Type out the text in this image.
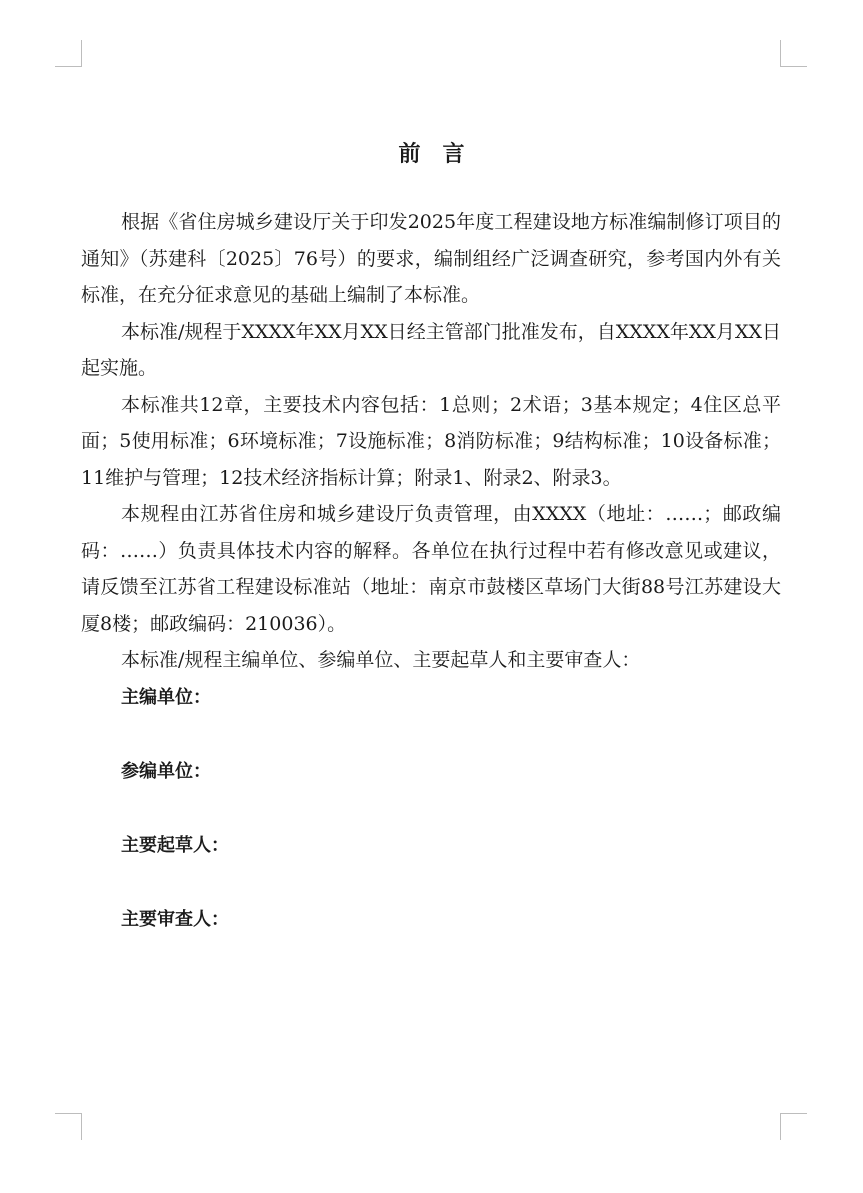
前言

根据《省住房城乡建设厅关于印发2025年度工程建设地方标准编制修订项目的通知》（苏建科〔2025〕76号）的要求，编制组经广泛调查研究，参考国内外有关标准，在充分征求意见的基础上编制了本标准。

本标准/规程于XXXX年XX月XX日经主管部门批准发布，自XXXX年XX月XX日起实施。

本标准共12章，主要技术内容包括：1总则；2术语；3基本规定；4住区总平面；5使用标准；6环境标准；7设施标准；8消防标准；9结构标准；10设备标准；11维护与管理；12技术经济指标计算；附录1、附录2、附录3。

本规程由江苏省住房和城乡建设厅负责管理，由XXXX（地址：……；邮政编码：……）负责具体技术内容的解释。各单位在执行过程中若有修改意见或建议，请反馈至江苏省工程建设标准站（地址：南京市鼓楼区草场门大街88号江苏建设大厦8楼；邮政编码：210036）。

本标准/规程主编单位、参编单位、主要起草人和主要审查人：

主编单位：

参编单位：

主要起草人：

主要审查人：
